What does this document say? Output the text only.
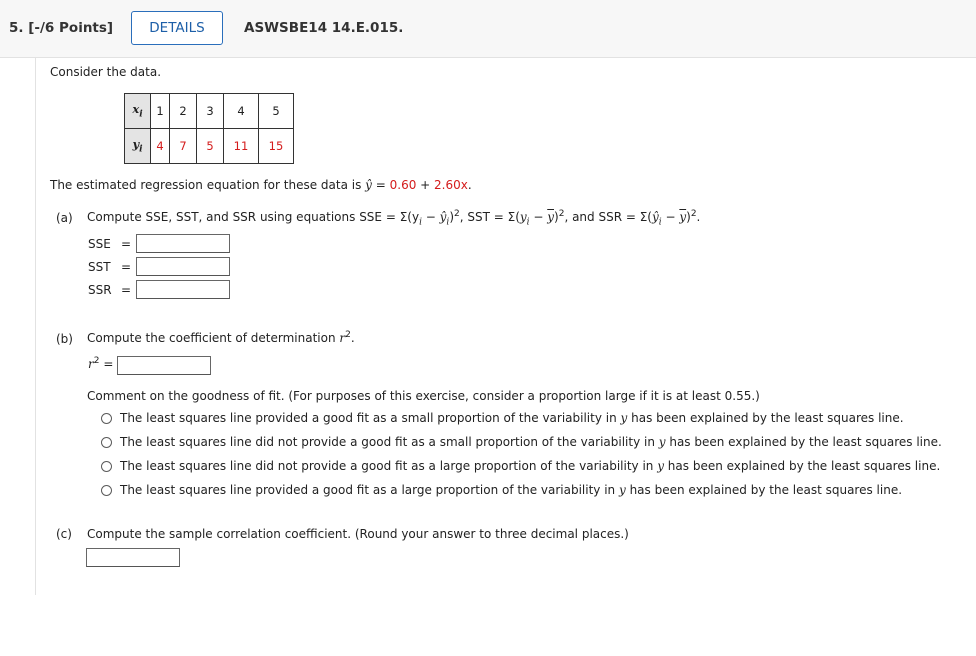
5. [-/6 Points]	DETAILS	ASWSBE14 14.E.015.
Consider the data.
$x_i$	1	2	3	4	5
$y_i$	4	7	5	11	15
The estimated regression equation for these data is ŷ = 0.60 + 2.60x.
(a) Compute SSE, SST, and SSR using equations SSE = $\Sigma(y_i$ − $ŷ_i)^2$, SST = $\Sigma(y_i - \overline{y})^2$, and SSR = $\Sigma(ŷ_i - \overline{y})^2$.
SSE =
SST =
SSR =
(b) Compute the coefficient of determination $r^2$.
$r^2$ =
Comment on the goodness of fit. (For purposes of this exercise, consider a proportion large if it is at least 0.55.)
The least squares line provided a good fit as a small proportion of the variability in y has been explained by the least squares line.
The least squares line did not provide a good fit as a small proportion of the variability in y has been explained by the least squares line.
The least squares line did not provide a good fit as a large proportion of the variability in y has been explained by the least squares line.
The least squares line provided a good fit as a large proportion of the variability in y has been explained by the least squares line.
(c) Compute the sample correlation coefficient. (Round your answer to three decimal places.)
